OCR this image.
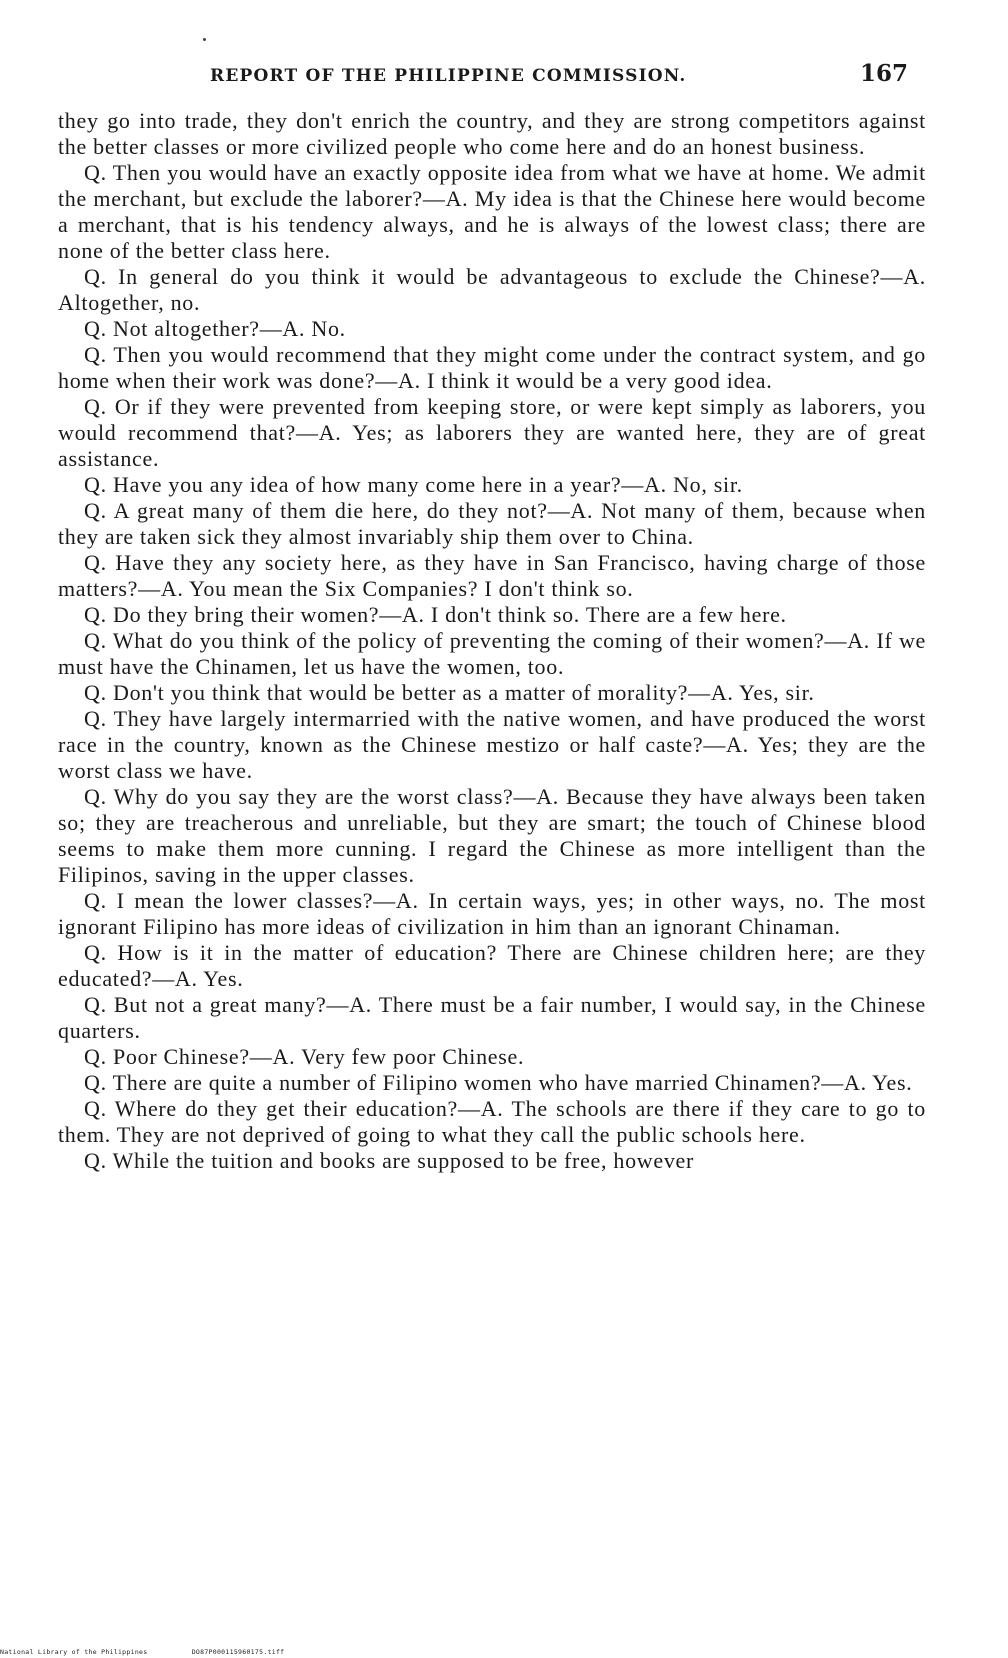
REPORT OF THE PHILIPPINE COMMISSION.	167

they go into trade, they don't enrich the country, and they are strong competitors against the better classes or more civilized people who come here and do an honest business.

Q. Then you would have an exactly opposite idea from what we have at home. We admit the merchant, but exclude the laborer?—A. My idea is that the Chinese here would become a merchant, that is his tendency always, and he is always of the lowest class; there are none of the better class here.

Q. In general do you think it would be advantageous to exclude the Chinese?—A. Altogether, no.

Q. Not altogether?—A. No.

Q. Then you would recommend that they might come under the contract system, and go home when their work was done?—A. I think it would be a very good idea.

Q. Or if they were prevented from keeping store, or were kept simply as laborers, you would recommend that?—A. Yes; as laborers they are wanted here, they are of great assistance.

Q. Have you any idea of how many come here in a year?—A. No, sir.

Q. A great many of them die here, do they not?—A. Not many of them, because when they are taken sick they almost invariably ship them over to China.

Q. Have they any society here, as they have in San Francisco, having charge of those matters?—A. You mean the Six Companies? I don't think so.

Q. Do they bring their women?—A. I don't think so. There are a few here.

Q. What do you think of the policy of preventing the coming of their women?—A. If we must have the Chinamen, let us have the women, too.

Q. Don't you think that would be better as a matter of morality?—A. Yes, sir.

Q. They have largely intermarried with the native women, and have produced the worst race in the country, known as the Chinese mestizo or half caste?—A. Yes; they are the worst class we have.

Q. Why do you say they are the worst class?—A. Because they have always been taken so; they are treacherous and unreliable, but they are smart; the touch of Chinese blood seems to make them more cunning. I regard the Chinese as more intelligent than the Filipinos, saving in the upper classes.

Q. I mean the lower classes?—A. In certain ways, yes; in other ways, no. The most ignorant Filipino has more ideas of civilization in him than an ignorant Chinaman.

Q. How is it in the matter of education? There are Chinese children here; are they educated?—A. Yes.

Q. But not a great many?—A. There must be a fair number, I would say, in the Chinese quarters.

Q. Poor Chinese?—A. Very few poor Chinese.

Q. There are quite a number of Filipino women who have married Chinamen?—A. Yes.

Q. Where do they get their education?—A. The schools are there if they care to go to them. They are not deprived of going to what they call the public schools here.

Q. While the tuition and books are supposed to be free, however

National Library of the Philippines	DO87P000115960175.tiff
